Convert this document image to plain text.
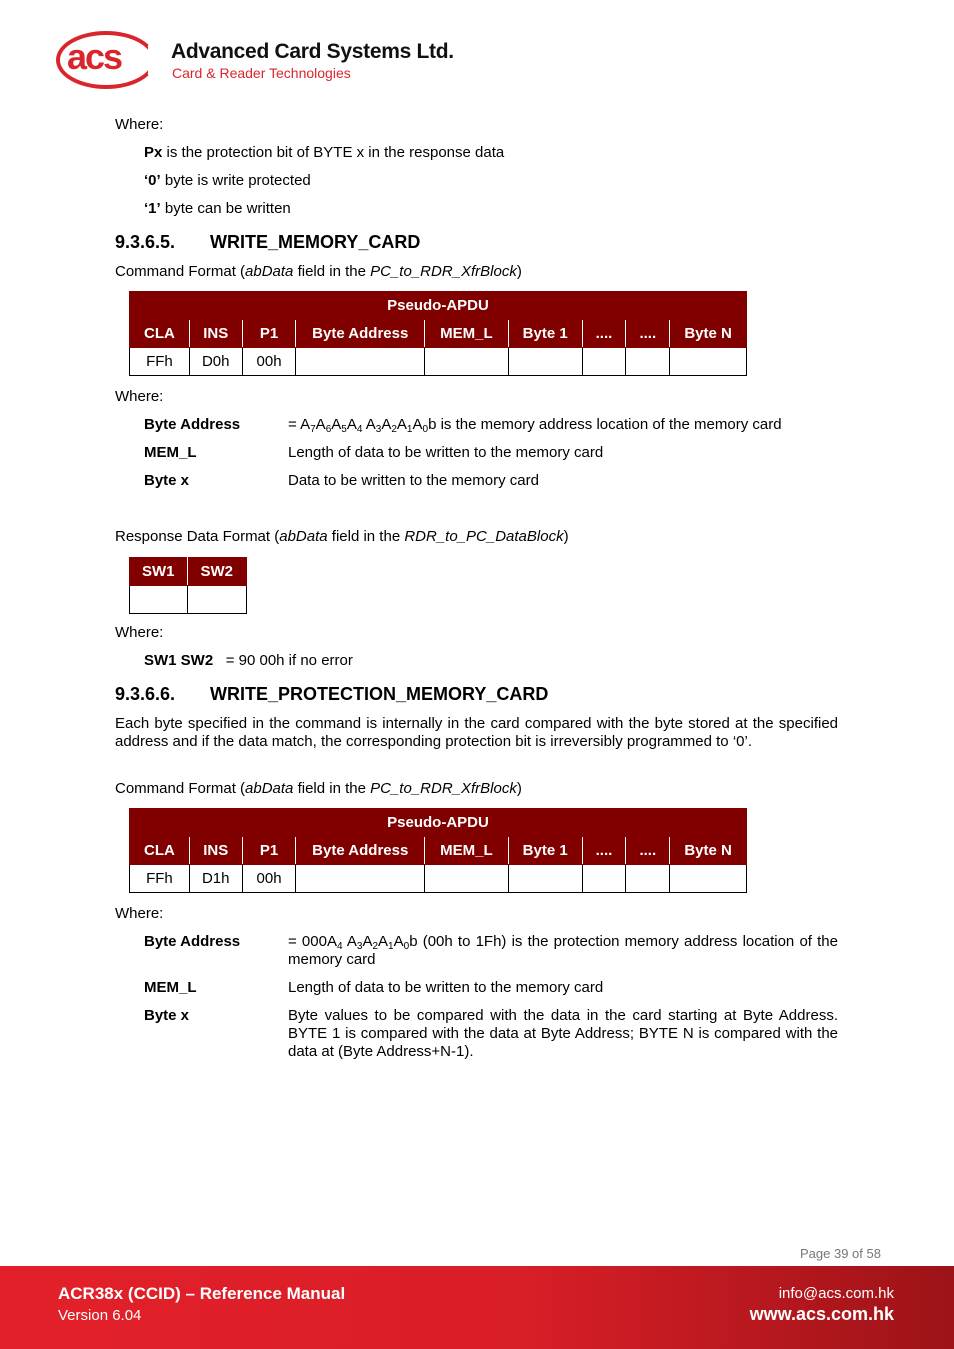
acs Advanced Card Systems Ltd.
Card & Reader Technologies
Where:
Px is the protection bit of BYTE x in the response data
‘0’ byte is write protected
‘1’ byte can be written
9.3.6.5. WRITE_MEMORY_CARD
Command Format (abData field in the PC_to_RDR_XfrBlock)
Pseudo-APDU								
CLA	INS	P1	Byte Address	MEM_L	Byte 1	....	....	Byte N
FFh	D0h	00h						
Where:
Byte Address	= $A_7A_6A_5A_4$ $A_3A_2A_1A_0b$ is the memory address location of the memory card
MEM_L	Length of data to be written to the memory card
Byte x	Data to be written to the memory card
Response Data Format (abData field in the RDR_to_PC_DataBlock)
SW1	SW2

Where:
SW1 SW2 = 90 00h if no error
9.3.6.6. WRITE_PROTECTION_MEMORY_CARD
Each byte specified in the command is internally in the card compared with the byte stored at the specified address and if the data match, the corresponding protection bit is irreversibly programmed to ‘0’.
Command Format (abData field in the PC_to_RDR_XfrBlock)
Pseudo-APDU								
CLA	INS	P1	Byte Address	MEM_L	Byte 1	....	....	Byte N
FFh	D1h	00h						
Where:
Byte Address	= $000A_4$ $A_3A_2A_1A_0b$ (00h to 1Fh) is the protection memory address location of the memory card
MEM_L	Length of data to be written to the memory card
Byte x	Byte values to be compared with the data in the card starting at Byte Address. BYTE 1 is compared with the data at Byte Address; BYTE N is compared with the data at (Byte Address+N-1).
Page 39 of 58
ACR38x (CCID) – Reference Manual
Version 6.04
info@acs.com.hk
www.acs.com.hk
